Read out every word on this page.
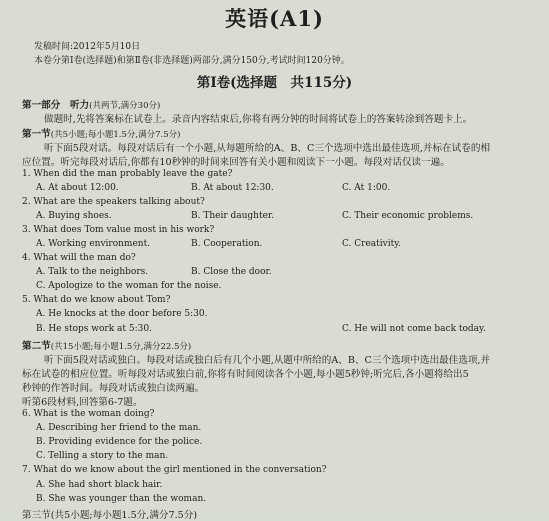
英语(A1)
发稿时间:2012年5月10日
本卷分第Ⅰ卷(选择题)和第Ⅱ卷(非选择题)两部分,满分150分,考试时间120分钟。
第Ⅰ卷(选择题　共115分)
第一部分　听力(共两节,满分30分)
做题时,先将答案标在试卷上。录音内容结束后,你将有两分钟的时间将试卷上的答案转涂到答题卡上。
第一节(共5小题;每小题1.5分,满分7.5分)
听下面5段对话。每段对话后有一个小题,从每题所给的A、B、C三个选项中选出最佳选项,并标在试卷的相
应位置。听完每段对话后,你都有10秒钟的时间来回答有关小题和阅读下一小题。每段对话仅读一遍。
1. When did the man probably leave the gate?
A. At about 12:00.	B. At about 12:30.	C. At 1:00.
2. What are the speakers talking about?
A. Buying shoes.	B. Their daughter.	C. Their economic problems.
3. What does Tom value most in his work?
A. Working environment.	B. Cooperation.	C. Creativity.
4. What will the man do?
A. Talk to the neighbors.	B. Close the door.
C. Apologize to the woman for the noise.
5. What do we know about Tom?
A. He knocks at the door before 5:30.
B. He stops work at 5:30.	C. He will not come back today.
第二节(共15小题;每小题1.5分,满分22.5分)
听下面5段对话或独白。每段对话或独白后有几个小题,从题中所给的A、B、C三个选项中选出最佳选项,并
标在试卷的相应位置。听每段对话或独白前,你将有时间阅读各个小题,每小题5秒钟;听完后,各小题将给出5
秒钟的作答时间。每段对话或独白读两遍。
听第6段材料,回答第6-7题。
6. What is the woman doing?
A. Describing her friend to the man.
B. Providing evidence for the police.
C. Telling a story to the man.
7. What do we know about the girl mentioned in the conversation?
A. She had short black hair.
B. She was younger than the woman.
第三节(共5小题;每小题1.5分,满分7.5分)
